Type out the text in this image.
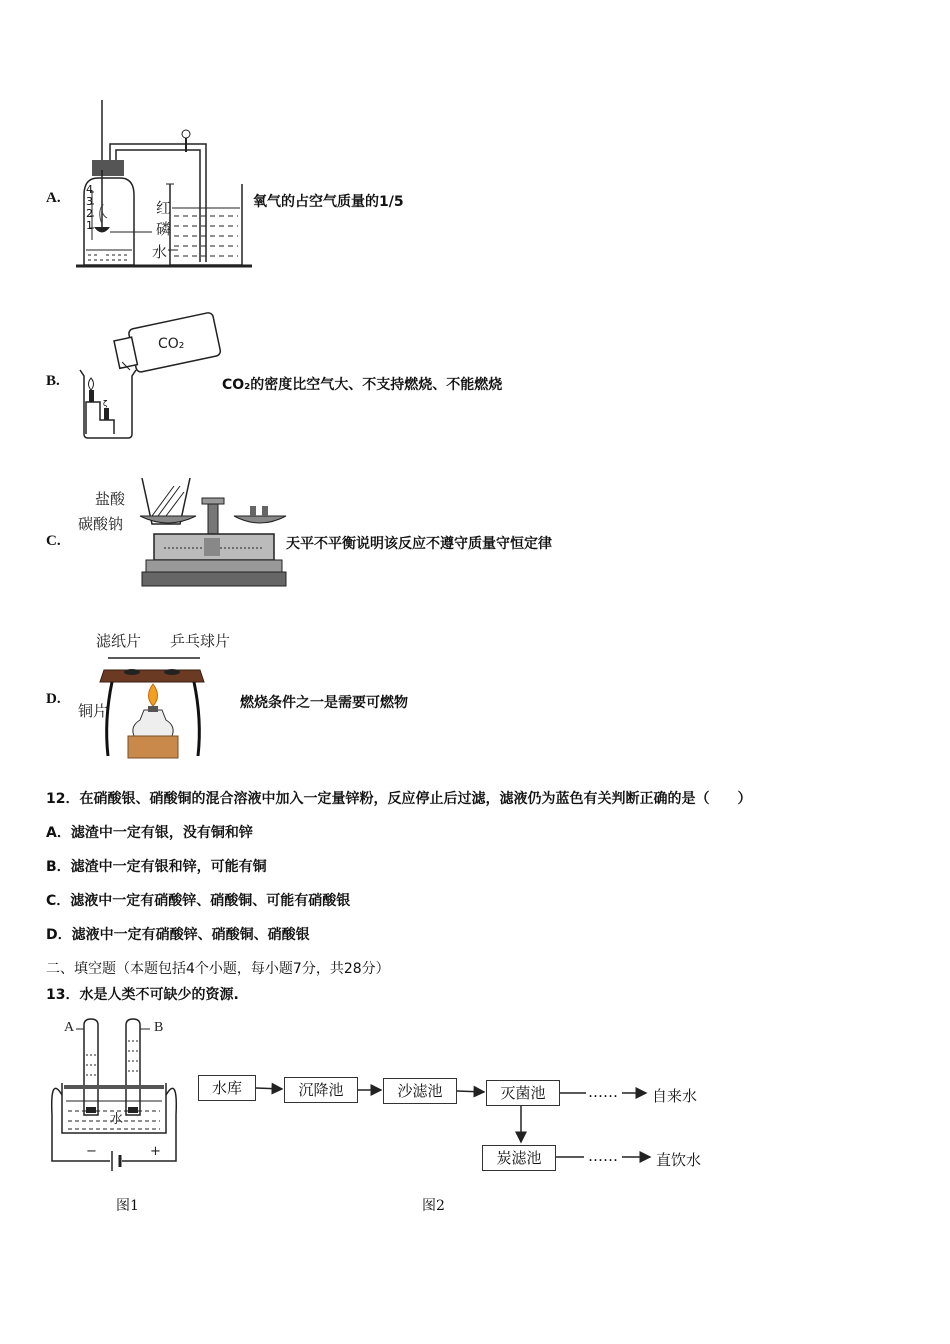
A.
4
3
2
1
红
磷
水
氧气的占空气质量的1/5
B.
ζ
CO₂
CO₂的密度比空气大、不支持燃烧、不能燃烧
C.
盐酸
碳酸钠
天平不平衡说明该反应不遵守质量守恒定律
D.
滤纸片 乒乓球片
铜片	燃烧条件之一是需要可燃物
12．在硝酸银、硝酸铜的混合溶液中加入一定量锌粉，反应停止后过滤，滤液仍为蓝色有关判断正确的是（　　）
A．滤渣中一定有银，没有铜和锌
B．滤渣中一定有银和锌，可能有铜
C．滤液中一定有硝酸锌、硝酸铜、可能有硝酸银
D．滤液中一定有硝酸锌、硝酸铜、硝酸银
二、填空题（本题包括4个小题，每小题7分，共28分）
13．水是人类不可缺少的资源.
A	B
水
−	+
图1
水库	沉降池	沙滤池	灭菌池
炭滤池
…… 自来水
……	直饮水
图2
